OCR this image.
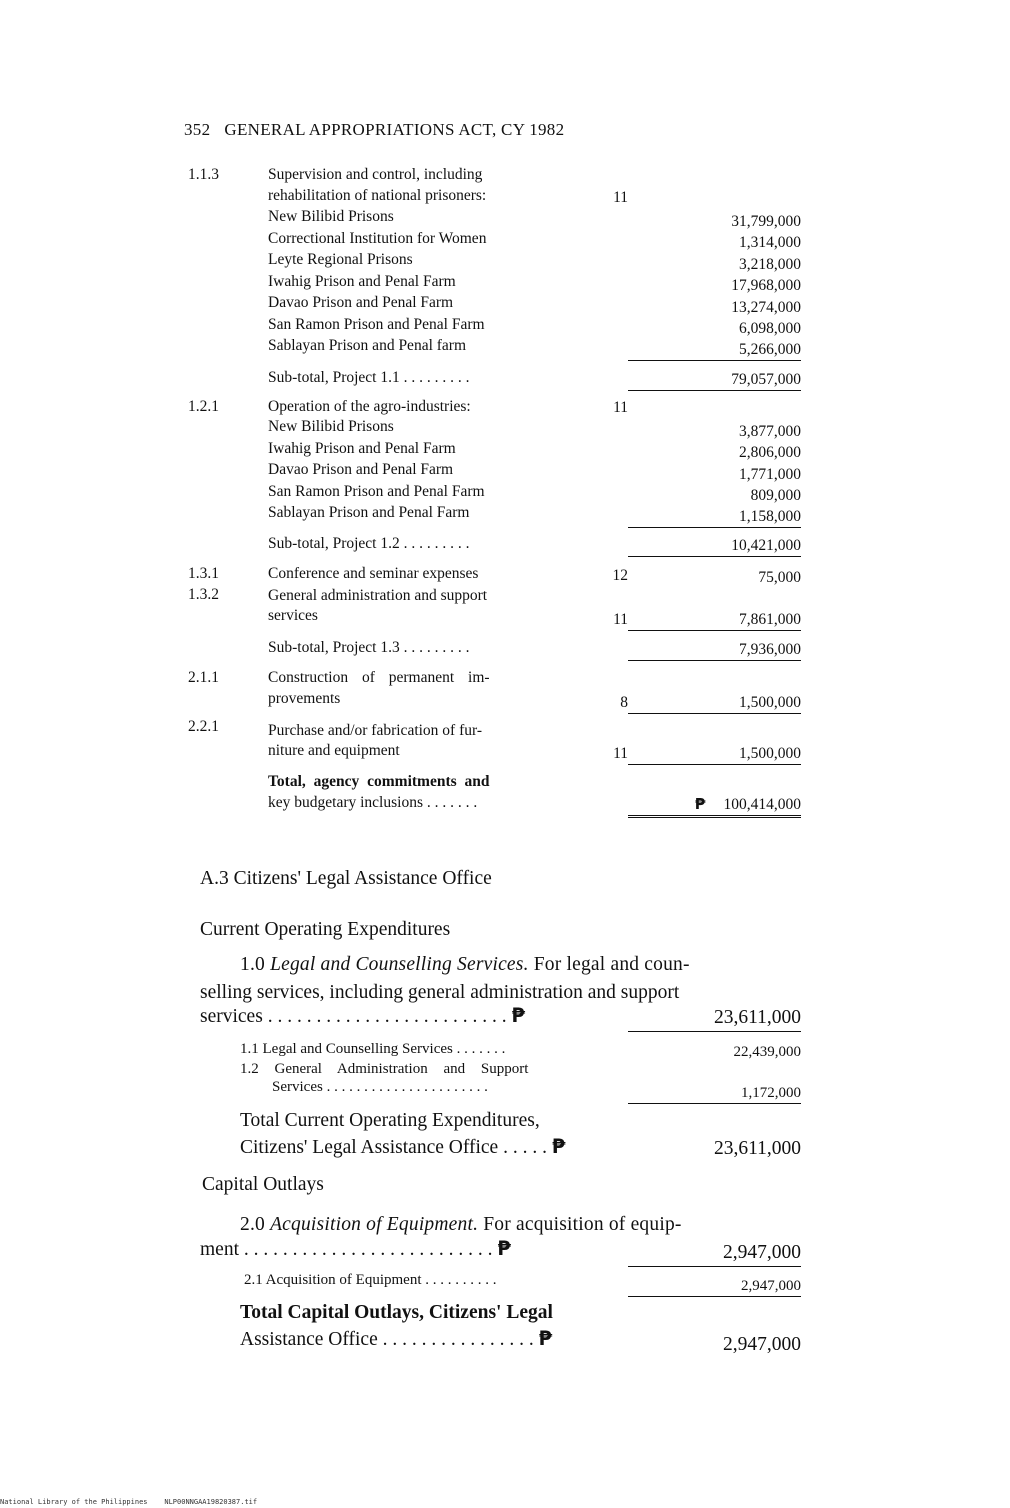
352 GENERAL APPROPRIATIONS ACT, CY 1982
1.1.3	Supervision and control, including
rehabilitation of national prisoners:	11
New Bilibid Prisons	31,799,000
Correctional Institution for Women	1,314,000
Leyte Regional Prisons	3,218,000
Iwahig Prison and Penal Farm	17,968,000
Davao Prison and Penal Farm	13,274,000
San Ramon Prison and Penal Farm	6,098,000
Sablayan Prison and Penal farm	5,266,000
Sub-total, Project 1.1 . . . . . . . . .	79,057,000
1.2.1	Operation of the agro-industries:	11
New Bilibid Prisons	3,877,000
Iwahig Prison and Penal Farm	2,806,000
Davao Prison and Penal Farm	1,771,000
San Ramon Prison and Penal Farm	809,000
Sablayan Prison and Penal Farm	1,158,000
Sub-total, Project 1.2 . . . . . . . . .	10,421,000
1.3.1	Conference and seminar expenses	12	75,000
1.3.2	General administration and support
services	11	7,861,000
Sub-total, Project 1.3 . . . . . . . . .	7,936,000
2.1.1	Construction of permanent im-
provements	8	1,500,000
2.2.1	Purchase and/or fabrication of fur-
niture and equipment	11	1,500,000
Total, agency commitments and
key budgetary inclusions . . . . . . .	₱ 100,414,000
A.3 Citizens' Legal Assistance Office
Current Operating Expenditures
1.0 Legal and Counselling Services. For legal and coun-
selling services, including general administration and support
services . . . . . . . . . . . . . . . . . . . . . . . . . ₱	23,611,000
1.1 Legal and Counselling Services . . . . . . .	22,439,000
1.2 General Administration and Support
Services . . . . . . . . . . . . . . . . . . . . . .	1,172,000
Total Current Operating Expenditures,
Citizens' Legal Assistance Office . . . . . ₱	23,611,000
Capital Outlays
2.0 Acquisition of Equipment. For acquisition of equip-
ment . . . . . . . . . . . . . . . . . . . . . . . . . . ₱	2,947,000
2.1 Acquisition of Equipment . . . . . . . . . .	2,947,000
Total Capital Outlays, Citizens' Legal
Assistance Office . . . . . . . . . . . . . . . . ₱	2,947,000
National Library of the Philippines NLP00NNGAA19820387.tif
